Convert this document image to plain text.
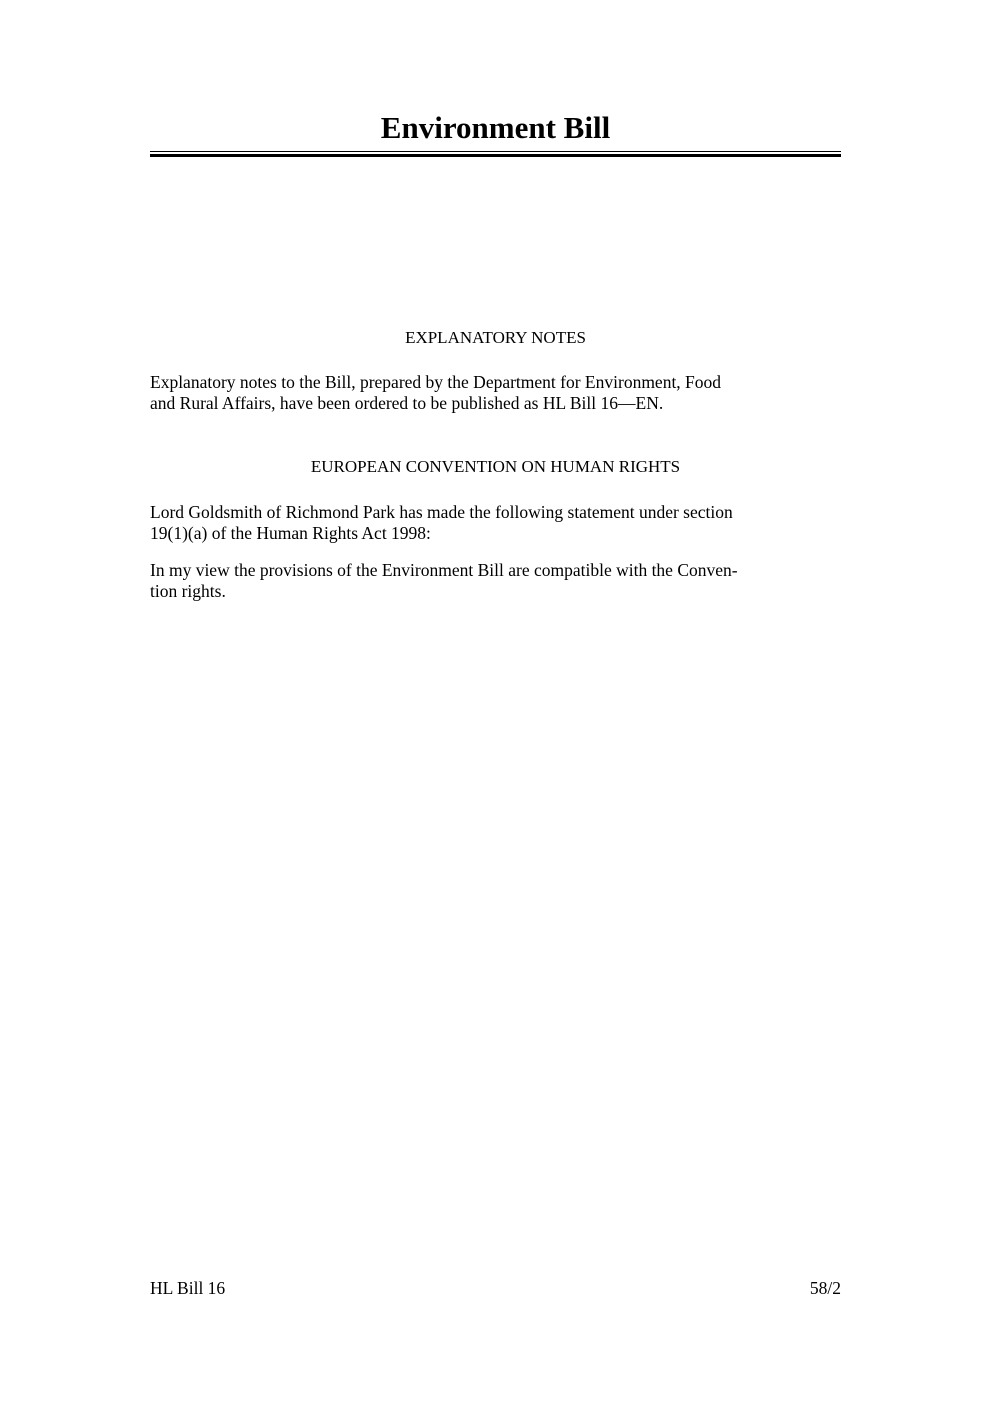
Environment Bill
EXPLANATORY NOTES
Explanatory notes to the Bill, prepared by the Department for Environment, Food
and Rural Affairs, have been ordered to be published as HL Bill 16—EN.
EUROPEAN CONVENTION ON HUMAN RIGHTS
Lord Goldsmith of Richmond Park has made the following statement under section
19(1)(a) of the Human Rights Act 1998:
In my view the provisions of the Environment Bill are compatible with the Conven-
tion rights.
HL Bill 16	58/2
